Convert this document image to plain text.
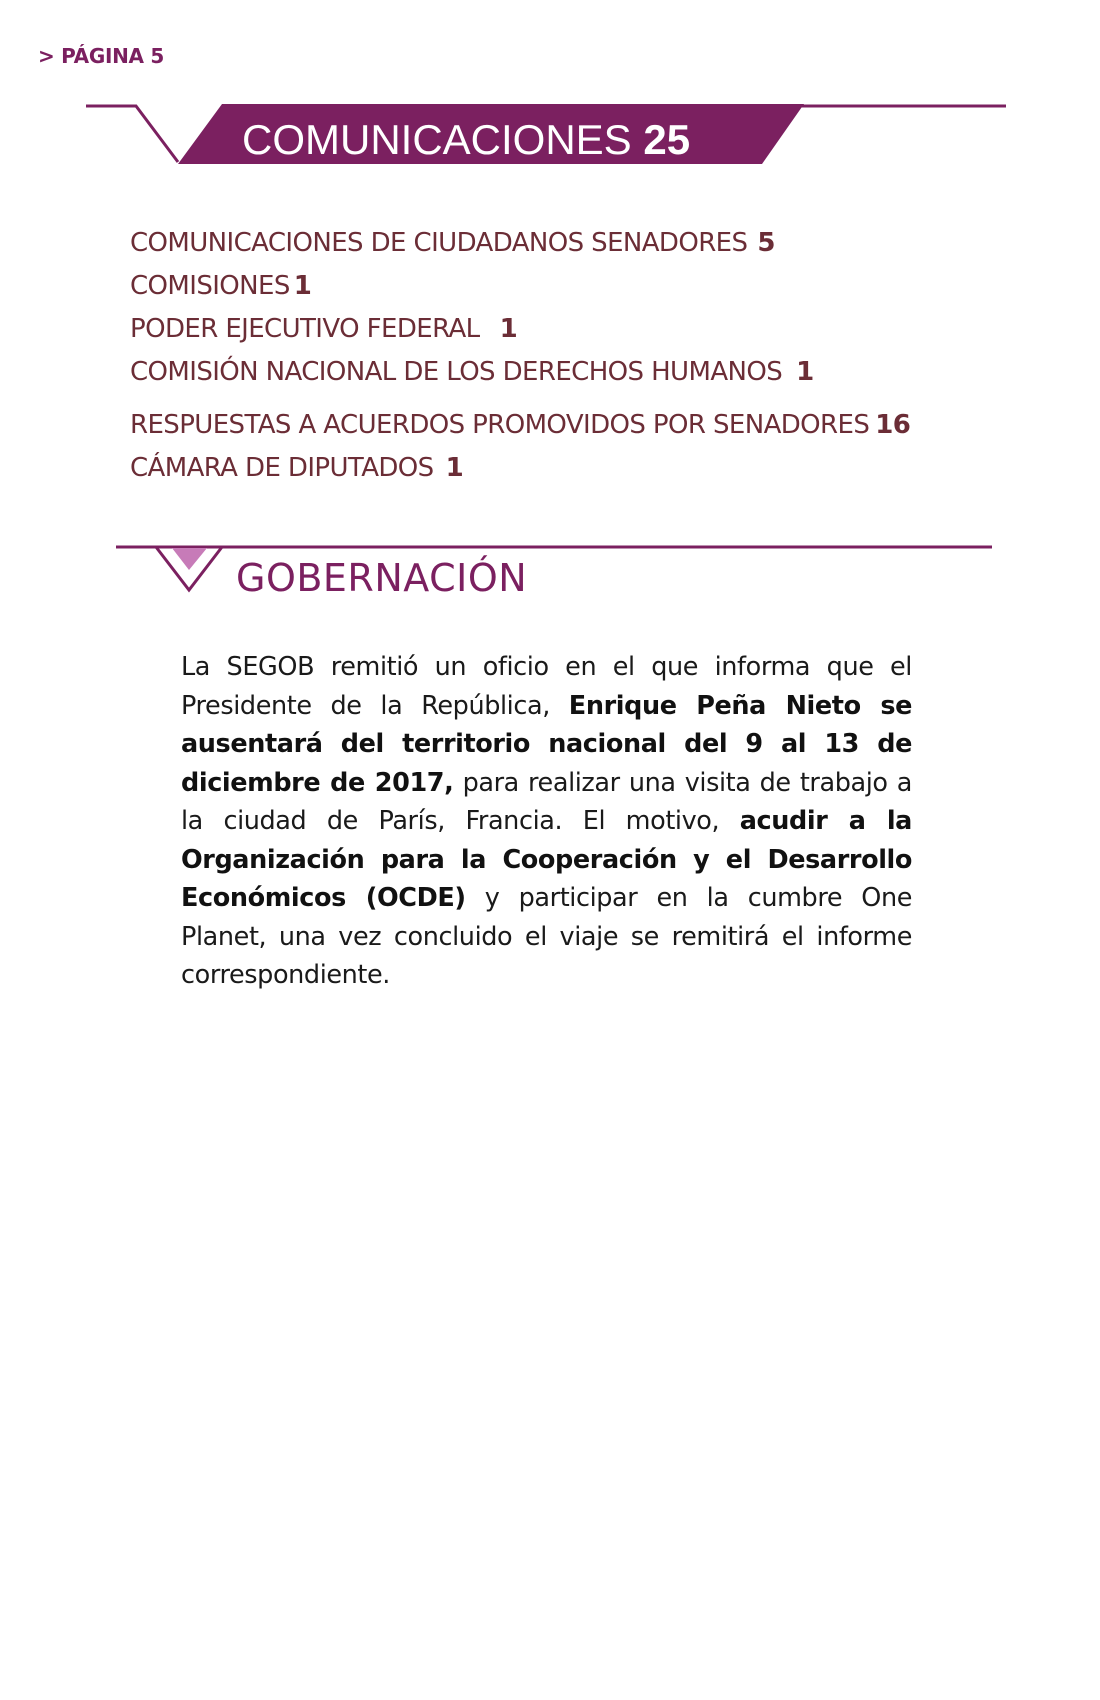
> PÁGINA 5
COMUNICACIONES 25
COMUNICACIONES DE CIUDADANOS SENADORES 5
COMISIONES 1
PODER EJECUTIVO FEDERAL 1
COMISIÓN NACIONAL DE LOS DERECHOS HUMANOS 1
RESPUESTAS A ACUERDOS PROMOVIDOS POR SENADORES 16
CÁMARA DE DIPUTADOS 1
GOBERNACIÓN

La SEGOB remitió un oficio en el que informa que el Presidente de la República, Enrique Peña Nieto se ausentará del territorio nacional del 9 al 13 de diciembre de 2017, para realizar una visita de trabajo a la ciudad de París, Francia. El motivo, acudir a la Organización para la Cooperación y el Desarrollo Económicos (OCDE) y participar en la cumbre One Planet, una vez concluido el viaje se remitirá el informe correspondiente.
